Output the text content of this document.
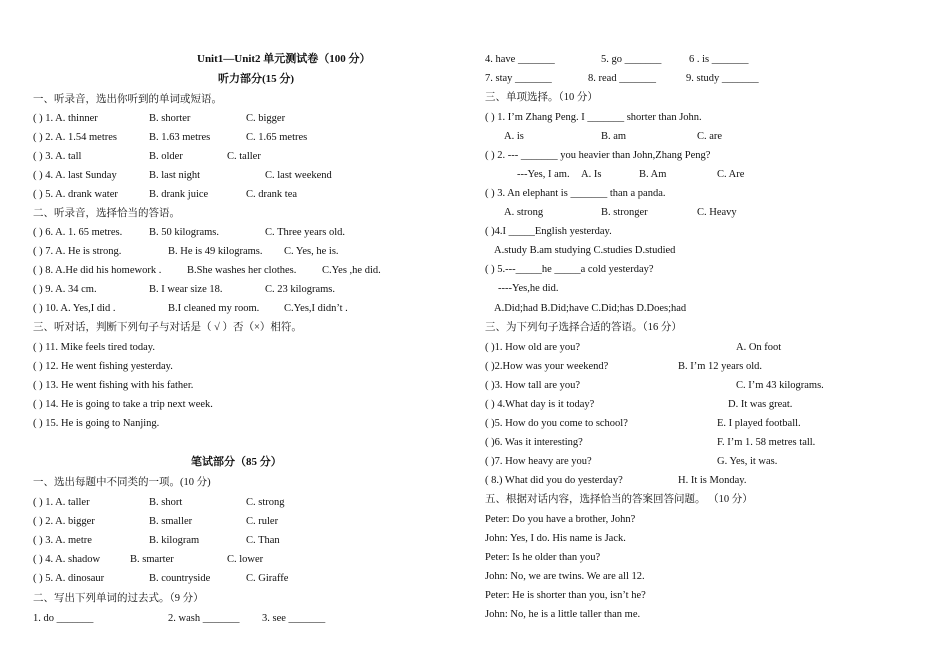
Unit1—Unit2 单元测试卷（100 分）
听力部分(15 分)
一、听录音，选出你听到的单词或短语。
( ) 1. A. thinner	B. shorter	C. bigger
( ) 2. A. 1.54 metres	B. 1.63 metres	C. 1.65 metres
( ) 3. A. tall	B. older	C. taller
( ) 4. A. last Sunday	B. last night	C. last weekend
( ) 5. A. drank water	B. drank juice	C. drank tea
二、听录音，选择恰当的答语。
( ) 6. A. 1. 65 metres.	B. 50 kilograms.	C. Three years old.
( ) 7. A. He is strong.	B. He is 49 kilograms. C. Yes, he is.
( ) 8. A.He did his homework . B.She washes her clothes. C.Yes ,he did.
( ) 9. A. 34 cm.	B. I wear size 18.	C. 23 kilograms.
( ) 10. A. Yes,I did .	B.I cleaned my room. C.Yes,I didn’t .
三、听对话，判断下列句子与对话是（ √ ）否（×）相符。
( ) 11. Mike feels tired today.
( ) 12. He went fishing yesterday.
( ) 13. He went fishing with his father.
( ) 14. He is going to take a trip next week.
( ) 15. He is going to Nanjing.
笔试部分（85 分）
一、选出每题中不同类的一项。(10 分)
( ) 1. A. taller	B. short	C. strong
( ) 2. A. bigger	B. smaller	C. ruler
( ) 3. A. metre	B. kilogram	C. Than
( ) 4. A. shadow	B. smarter	C. lower
( ) 5. A. dinosaur	B. countryside	C. Giraffe
二、写出下列单词的过去式。（9 分）
1. do _______	2. wash _______ 3. see _______
4. have _______	5. go _______	6 . is _______
7. stay _______	8. read _______	9. study _______
三、单项选择。（10 分）
( ) 1. I’m Zhang Peng. I _______ shorter than John.
A. is	B. am	C. are
( ) 2. --- _______ you heavier than John,Zhang Peng?
---Yes, I am. A. Is	B. Am	C. Are
( ) 3. An elephant is _______ than a panda.
A. strong	B. stronger	C. Heavy
( )4.I _____English yesterday.
A.study B.am studying C.studies D.studied
( ) 5.---_____he _____a cold yesterday?
----Yes,he did.
A.Did;had B.Did;have C.Did;has D.Does;had
三、为下列句子选择合适的答语。（16 分）
( )1. How old are you?	A. On foot
( )2.How was your weekend?	B. I’m 12 years old.
( )3. How tall are you?	C. I’m 43 kilograms.
( ) 4.What day is it today?	D. It was great.
( )5. How do you come to school?	E. I played football.
( )6. Was it interesting?	F. I’m 1. 58 metres tall.
( )7. How heavy are you?	G. Yes, it was.
( 8.) What did you do yesterday?	H. It is Monday.
五、根据对话内容，选择恰当的答案回答问题。 （10 分）
Peter: Do you have a brother, John?
John: Yes, I do. His name is Jack.
Peter: Is he older than you?
John: No, we are twins. We are all 12.
Peter: He is shorter than you, isn’t he?
John: No, he is a little taller than me.
